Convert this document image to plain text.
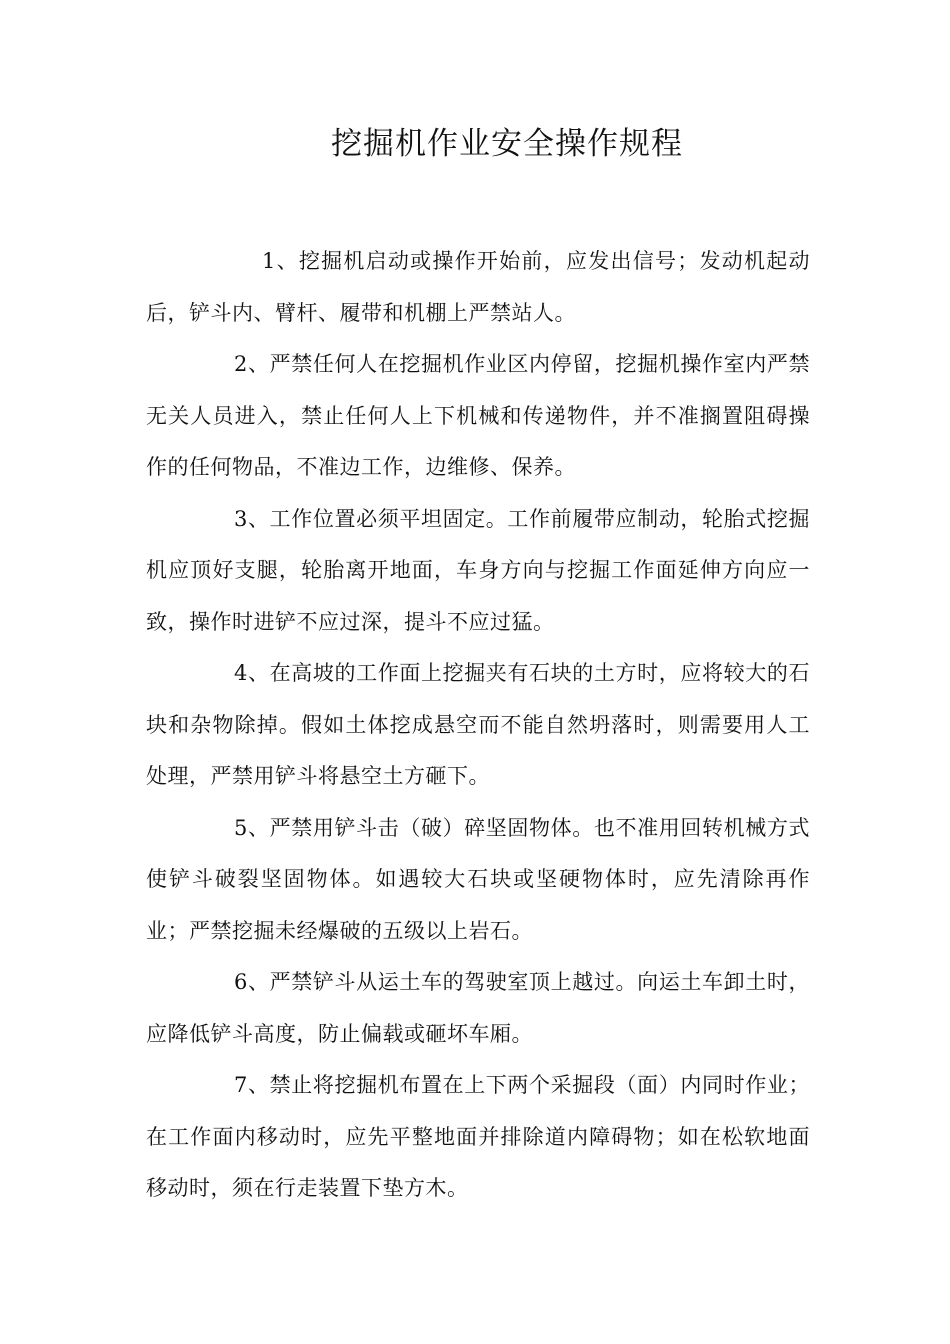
挖掘机作业安全操作规程

1、挖掘机启动或操作开始前，应发出信号；发动机起动后，铲斗内、臂杆、履带和机棚上严禁站人。

2、严禁任何人在挖掘机作业区内停留，挖掘机操作室内严禁无关人员进入，禁止任何人上下机械和传递物件，并不准搁置阻碍操作的任何物品，不准边工作，边维修、保养。

3、工作位置必须平坦固定。工作前履带应制动，轮胎式挖掘机应顶好支腿，轮胎离开地面，车身方向与挖掘工作面延伸方向应一致，操作时进铲不应过深，提斗不应过猛。

4、在高坡的工作面上挖掘夹有石块的土方时，应将较大的石块和杂物除掉。假如土体挖成悬空而不能自然坍落时，则需要用人工处理，严禁用铲斗将悬空土方砸下。

5、严禁用铲斗击（破）碎坚固物体。也不准用回转机械方式使铲斗破裂坚固物体。如遇较大石块或坚硬物体时，应先清除再作业；严禁挖掘未经爆破的五级以上岩石。

6、严禁铲斗从运土车的驾驶室顶上越过。向运土车卸土时，应降低铲斗高度，防止偏载或砸坏车厢。

7、禁止将挖掘机布置在上下两个采掘段（面）内同时作业；在工作面内移动时，应先平整地面并排除道内障碍物；如在松软地面移动时，须在行走装置下垫方木。
